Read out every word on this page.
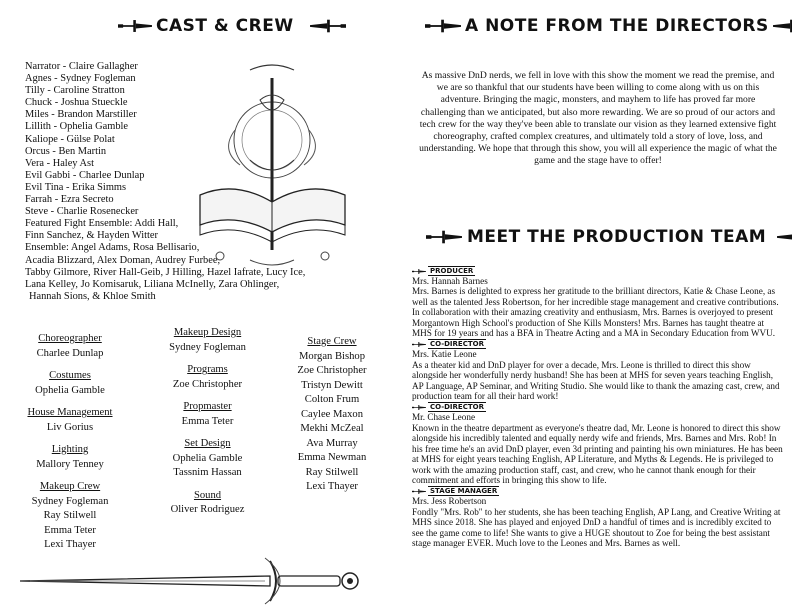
CAST & CREW
Narrator - Claire Gallagher
Agnes - Sydney Fogleman
Tilly - Caroline Stratton
Chuck - Joshua Stueckle
Miles - Brandon Marstiller
Lillith - Ophelia Gamble
Kaliope - Gülse Polat
Orcus - Ben Martin
Vera - Haley Ast
Evil Gabbi - Charlee Dunlap
Evil Tina - Erika Simms
Farrah - Ezra Secreto
Steve - Charlie Rosenecker
Featured Fight Ensemble: Addi Hall,
Finn Sanchez, & Hayden Witter
Ensemble: Angel Adams, Rosa Bellisario,
Acadia Blizzard, Alex Doman, Audrey Furbee,
Tabby Gilmore, River Hall-Geib, J Hilling, Hazel Iafrate, Lucy Ice,
Lana Kelley, Jo Komisaruk, Liliana McInelly, Zara Ohlinger,
Hannah Sions, & Khloe Smith
Choreographer
Charlee Dunlap
Costumes
Ophelia Gamble
House Management
Liv Gorius
Lighting
Mallory Tenney
Makeup Crew
Sydney Fogleman
Ray Stilwell
Emma Teter
Lexi Thayer
Makeup Design
Sydney Fogleman
Programs
Zoe Christopher
Propmaster
Emma Teter
Set Design
Ophelia Gamble
Tassnim Hassan
Sound
Oliver Rodriguez
Stage Crew
Morgan Bishop
Zoe Christopher
Tristyn Dewitt
Colton Frum
Caylee Maxon
Mekhi McZeal
Ava Murray
Emma Newman
Ray Stilwell
Lexi Thayer
A NOTE FROM THE DIRECTORS
As massive DnD nerds, we fell in love with this show the moment we read the premise, and we are so thankful that our students have been willing to come along with us on this adventure. Bringing the magic, monsters, and mayhem to life has proved far more challenging than we anticipated, but also more rewarding. We are so proud of our actors and tech crew for the way they've been able to translate our vision as they learned extensive fight choreography, crafted complex creatures, and ultimately told a story of love, loss, and understanding. We hope that through this show, you will all experience the magic of what the game and the stage have to offer!
MEET THE PRODUCTION TEAM
PRODUCER

Mrs. Hannah Barnes

Mrs. Barnes is delighted to express her gratitude to the brilliant directors, Katie & Chase Leone, as well as the talented Jess Robertson, for her incredible stage management and creative contributions. In collaboration with their amazing creativity and enthusiasm, Mrs. Barnes is overjoyed to present Morgantown High School's production of She Kills Monsters! Mrs. Barnes has taught theatre at MHS for 19 years and has a BFA in Theatre Acting and a MA in Secondary Education from WVU.

CO-DIRECTOR

Mrs. Katie Leone

As a theater kid and DnD player for over a decade, Mrs. Leone is thrilled to direct this show alongside her wonderfully nerdy husband! She has been at MHS for seven years teaching English, AP Language, AP Seminar, and Writing Studio. She would like to thank the amazing cast, crew, and production team for all their hard work!

CO-DIRECTOR

Mr. Chase Leone

Known in the theatre department as everyone's theatre dad, Mr. Leone is honored to direct this show alongside his incredibly talented and equally nerdy wife and friends, Mrs. Barnes and Mrs. Rob! In his free time he's an avid DnD player, even 3d printing and painting his own miniatures. He has been at MHS for eight years teaching English, AP Literature, and Myths & Legends. He is privileged to work with the amazing production staff, cast, and crew, who he cannot thank enough for their commitment and efforts in bringing this show to life.

STAGE MANAGER

Mrs. Jess Robertson

Fondly "Mrs. Rob" to her students, she has been teaching English, AP Lang, and Creative Writing at MHS since 2018. She has played and enjoyed DnD a handful of times and is incredibly excited to see the game come to life! She wants to give a HUGE shoutout to Zoe for being the best assistant stage manager EVER. Much love to the Leones and Mrs. Barnes as well.
